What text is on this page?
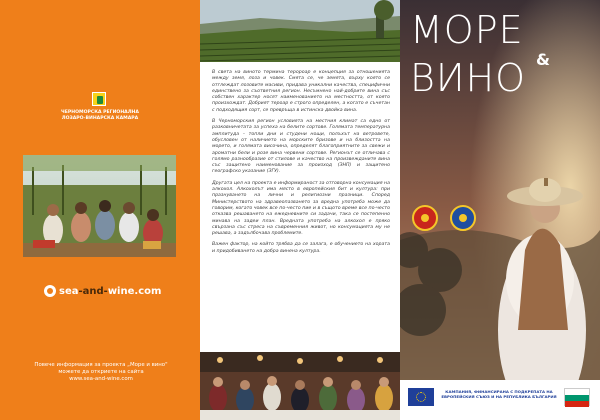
ЧЕРНОМОРСКА РЕГИОНАЛНА
ЛОЗАРО-ВИНАРСКА КАМАРА
sea-and-wine.com

Повече информация за проекта „Море и вино"

можете да откриете на сайта

www.sea-and-wine.com

В света на виното терминa теророар е концепция за отношенията между земя, лоза и човек. Смята се, че земята, върху която се отглеждат лозовите масиви, придава уникални качества, специфични единствено за съответния регион. Несъмнено най-добрите вина със собствен характер носят наименованието на местността, от която произхождат. Добрият тероар е строго определен, а когато е съчетан с подходящия сорт, се превръща в истинска двойка вина.

В Черноморския регион условията на местния климат са едно от разковничетата за успеха на белите сортове. Голямата температурна амплитуда – топли дни и студени нощи, полъхът на ветровете, обусловен от наличието на морските бризове и на близостта на морето, и голямата височина, определят благоприятните за свежи и ароматни бели и розе вина червени сортове. Регионът се отличава с голямо разнообразие от стилове и качество на произвежданите вина със защитено наименование за произход (ЗНП) и защитено географско указание (ЗГУ).

Другата цел на проекта е информираност за отговорна консумация на алкохол. Алкохолът има място в европейския бит и култура: при празнуването на лични и религиозни празници. Според Министерството на здравеопазването за вредна употреба може да говорим, когато човек все по-често пие и в същото време все по-често отказва решаването на ежедневните си задачи, така се постепенно минава на задеи план. Вредната употреба на алкохол е пряко свързана със стреса на съвременния живот, но консумацията му не решава, а задълбочава проблемите.

Важен фактор, на който трябва да се залага, е обучението на хората и придобиването на добра винена култура.

МОРЕ
&
ВИНО
КАМПАНИЯ, ФИНАНСИРАНА С ПОДКРЕПАТА НА ЕВРОПЕЙСКИЯ СЪЮЗ И НА РЕПУБЛИКА БЪЛГАРИЯ
